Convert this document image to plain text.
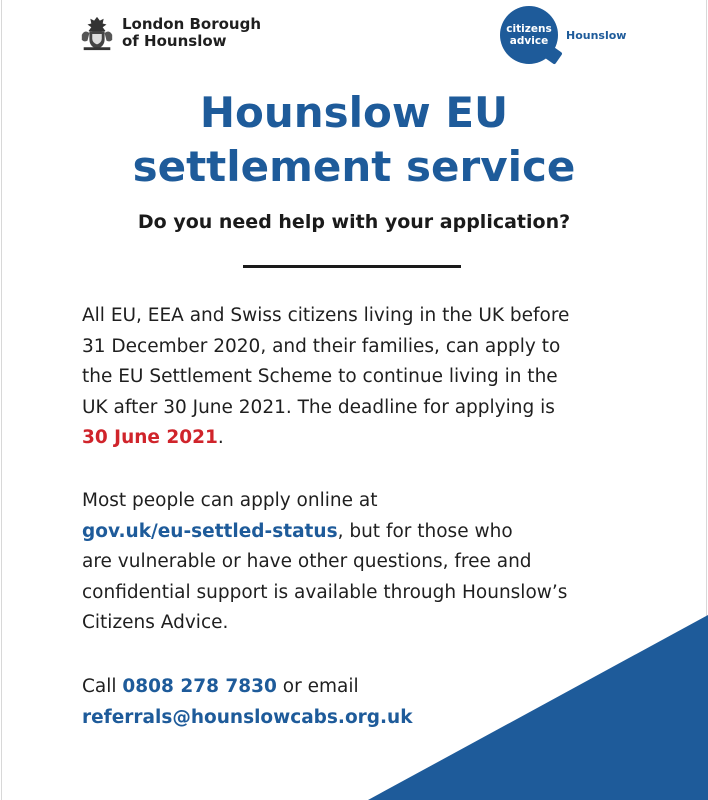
London Borough
of Hounslow
citizens
advice Hounslow
Hounslow EU
settlement service
Do you need help with your application?
All EU, EEA and Swiss citizens living in the UK before
31 December 2020, and their families, can apply to
the EU Settlement Scheme to continue living in the
UK after 30 June 2021. The deadline for applying is
30 June 2021.
Most people can apply online at
gov.uk/eu-settled-status, but for those who
are vulnerable or have other questions, free and
confidential support is available through Hounslow’s
Citizens Advice.
Call 0808 278 7830 or email
referrals@hounslowcabs.org.uk
